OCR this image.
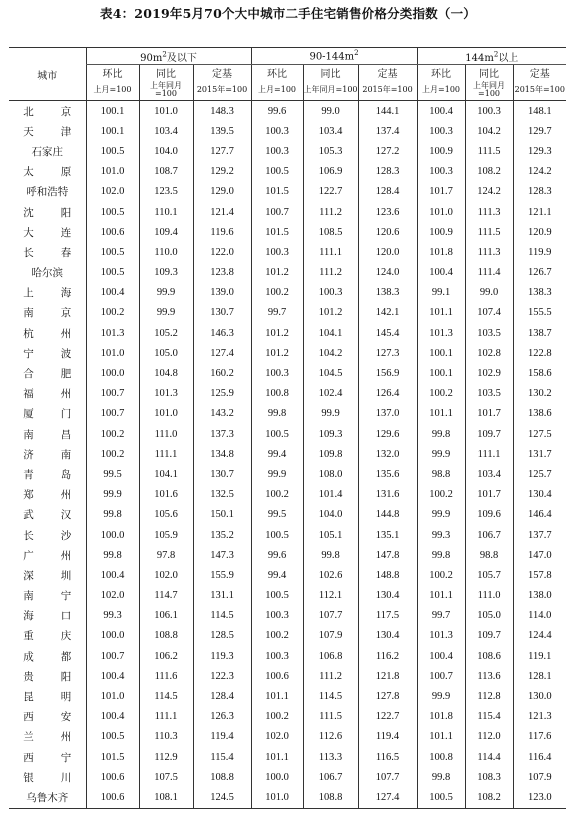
表4：2019年5月70个大中城市二手住宅销售价格分类指数（一）
城市	$90m^2$及以下			$90-144m^2$			$144m^2$以上		
	环比	同比	定基	环比	同比	定基	环比	同比	定基
	上月=100	上年同月=100	2015年=100	上月=100	上年同月=100	2015年=100	上月=100	上年同月=100	2015年=100
北京	100.1	101.0	148.3	99.6	99.0	144.1	100.4	100.3	148.1
天津	100.1	103.4	139.5	100.3	103.4	137.4	100.3	104.2	129.7
石家庄	100.5	104.0	127.7	100.3	105.3	127.2	100.9	111.5	129.3
太原	101.0	108.7	129.2	100.5	106.9	128.3	100.3	108.2	124.2
呼和浩特	102.0	123.5	129.0	101.5	122.7	128.4	101.7	124.2	128.3
沈阳	100.5	110.1	121.4	100.7	111.2	123.6	101.0	111.3	121.1
大连	100.6	109.4	119.6	101.5	108.5	120.6	100.9	111.5	120.9
长春	100.5	110.0	122.0	100.3	111.1	120.0	101.8	111.3	119.9
哈尔滨	100.5	109.3	123.8	101.2	111.2	124.0	100.4	111.4	126.7
上海	100.4	99.9	139.0	100.2	100.3	138.3	99.1	99.0	138.3
南京	100.2	99.9	130.7	99.7	101.2	142.1	101.1	107.4	155.5
杭州	101.3	105.2	146.3	101.2	104.1	145.4	101.3	103.5	138.7
宁波	101.0	105.0	127.4	101.2	104.2	127.3	100.1	102.8	122.8
合肥	100.0	104.8	160.2	100.3	104.5	156.9	100.1	102.9	158.6
福州	100.7	101.3	125.9	100.8	102.4	126.4	100.2	103.5	130.2
厦门	100.7	101.0	143.2	99.8	99.9	137.0	101.1	101.7	138.6
南昌	100.2	111.0	137.3	100.5	109.3	129.6	99.8	109.7	127.5
济南	100.2	111.1	134.8	99.4	109.8	132.0	99.9	111.1	131.7
青岛	99.5	104.1	130.7	99.9	108.0	135.6	98.8	103.4	125.7
郑州	99.9	101.6	132.5	100.2	101.4	131.6	100.2	101.7	130.4
武汉	99.8	105.6	150.1	99.5	104.0	144.8	99.9	109.6	146.4
长沙	100.0	105.9	135.2	100.5	105.1	135.1	99.3	106.7	137.7
广州	99.8	97.8	147.3	99.6	99.8	147.8	99.8	98.8	147.0
深圳	100.4	102.0	155.9	99.4	102.6	148.8	100.2	105.7	157.8
南宁	102.0	114.7	131.1	100.5	112.1	130.4	101.1	111.0	138.0
海口	99.3	106.1	114.5	100.3	107.7	117.5	99.7	105.0	114.0
重庆	100.0	108.8	128.5	100.2	107.9	130.4	101.3	109.7	124.4
成都	100.7	106.2	119.3	100.3	106.8	116.2	100.4	108.6	119.1
贵阳	100.4	111.6	122.3	100.6	111.2	121.8	100.7	113.6	128.1
昆明	101.0	114.5	128.4	101.1	114.5	127.8	99.9	112.8	130.0
西安	100.4	111.1	126.3	100.2	111.5	122.7	101.8	115.4	121.3
兰州	100.5	110.3	119.4	102.0	112.6	119.4	101.1	112.0	117.6
西宁	101.5	112.9	115.4	101.1	113.3	116.5	100.8	114.4	116.4
银川	100.6	107.5	108.8	100.0	106.7	107.7	99.8	108.3	107.9
乌鲁木齐	100.6	108.1	124.5	101.0	108.8	127.4	100.5	108.2	123.0
